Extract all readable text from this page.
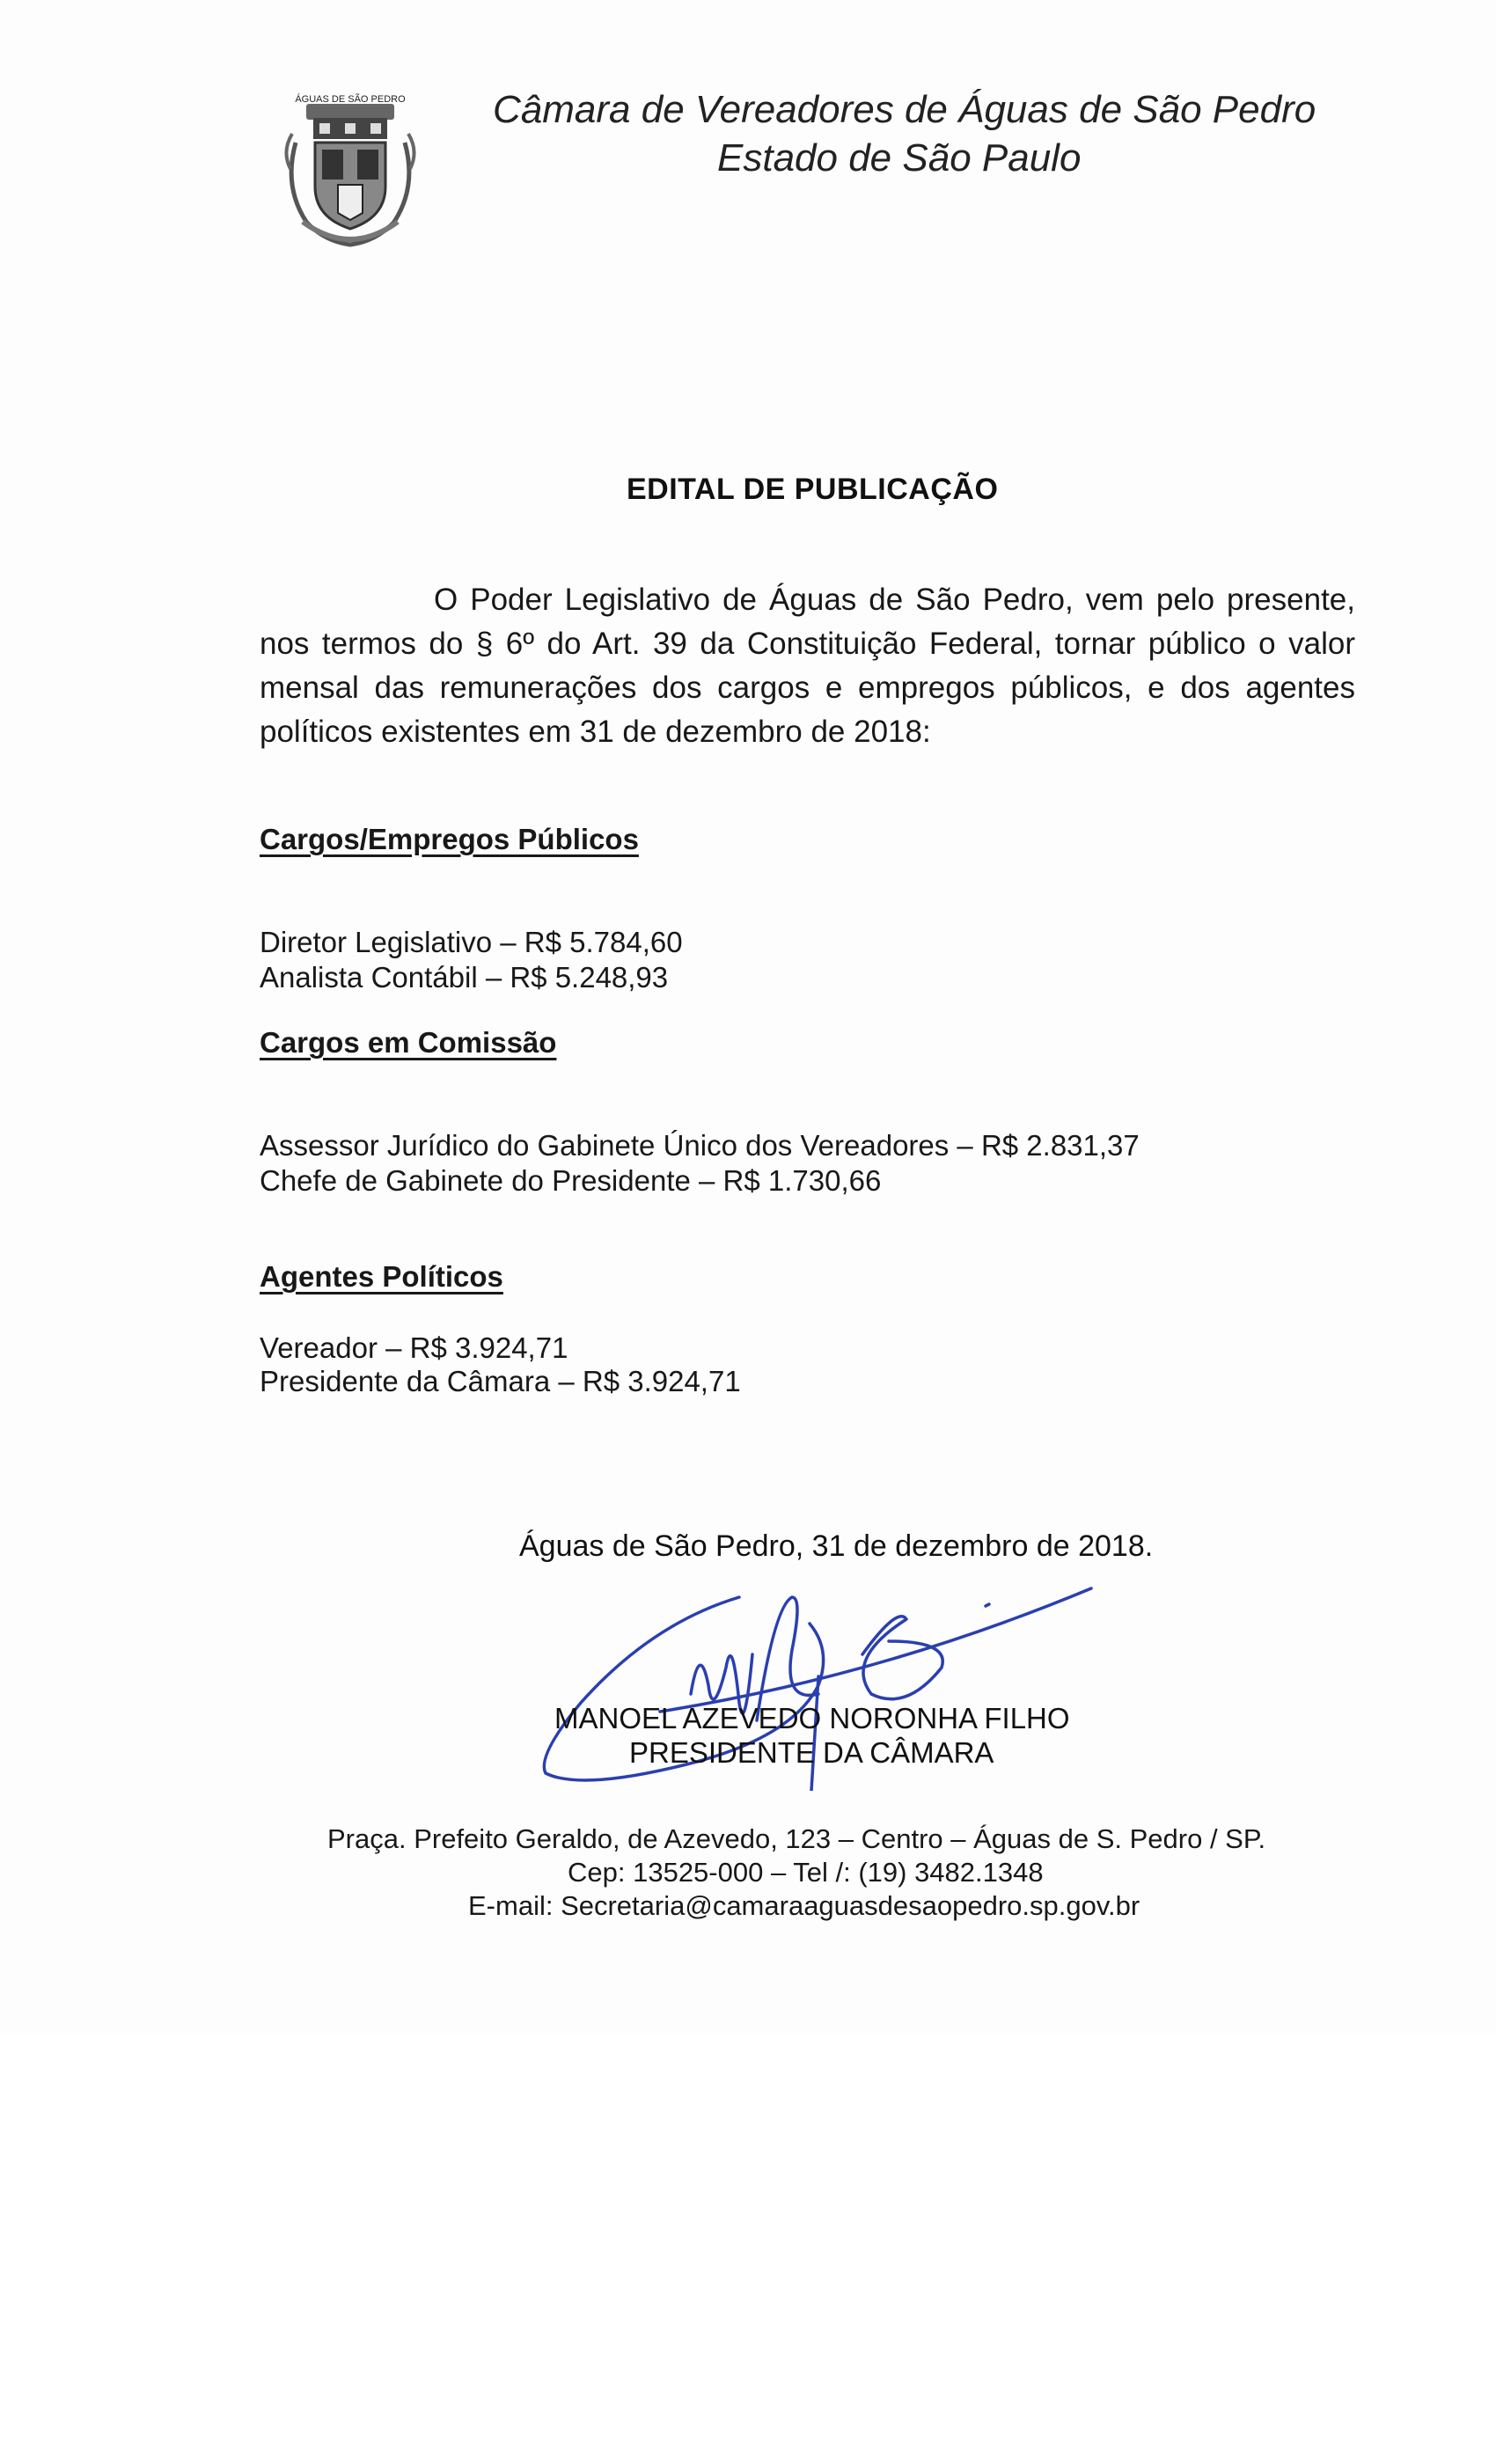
ÁGUAS DE SÃO PEDRO Câmara de Vereadores de Águas de São Pedro
Estado de São Paulo
EDITAL DE PUBLICAÇÃO

O Poder Legislativo de Águas de São Pedro, vem pelo presente, nos termos do § 6º do Art. 39 da Constituição Federal, tornar público o valor mensal das remunerações dos cargos e empregos públicos, e dos agentes políticos existentes em 31 de dezembro de 2018:

Cargos/Empregos Públicos

Diretor Legislativo – R$ 5.784,60

Analista Contábil – R$ 5.248,93

Cargos em Comissão

Assessor Jurídico do Gabinete Único dos Vereadores – R$ 2.831,37

Chefe de Gabinete do Presidente – R$ 1.730,66

Agentes Políticos

Vereador – R$ 3.924,71

Presidente da Câmara – R$ 3.924,71

Águas de São Pedro, 31 de dezembro de 2018.
MANOEL AZEVEDO NORONHA FILHO
PRESIDENTE DA CÂMARA
Praça. Prefeito Geraldo, de Azevedo, 123 – Centro – Águas de S. Pedro / SP.
Cep: 13525-000 – Tel /: (19) 3482.1348
E-mail: Secretaria@camaraaguasdesaopedro.sp.gov.br
